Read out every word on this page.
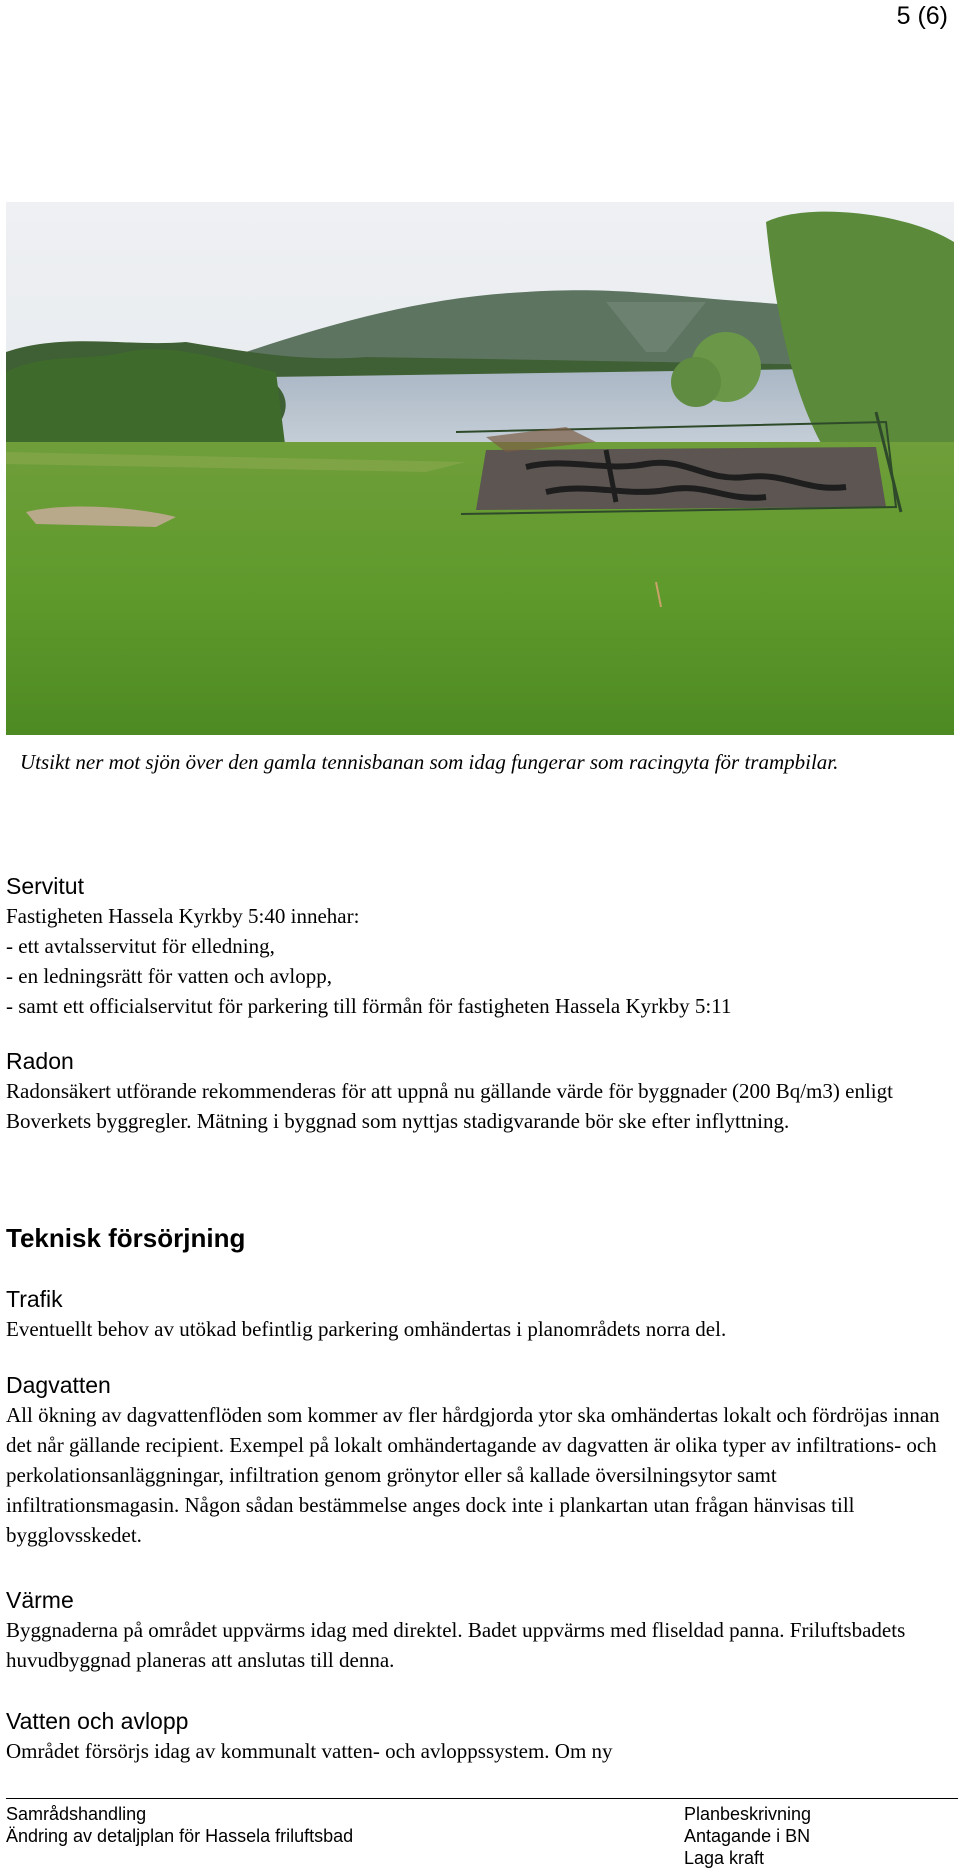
5 (6)
Utsikt ner mot sjön över den gamla tennisbanan som idag fungerar som racingyta för trampbilar.
Servitut
Fastigheten Hassela Kyrkby 5:40 innehar:
- ett avtalsservitut för elledning,
- en ledningsrätt för vatten och avlopp,
- samt ett officialservitut för parkering till förmån för fastigheten Hassela Kyrkby 5:11
Radon

Radonsäkert utförande rekommenderas för att uppnå nu gällande värde för byggnader (200 Bq/m3) enligt Boverkets byggregler. Mätning i byggnad som nyttjas stadigvarande bör ske efter inflyttning.

Teknisk försörjning
Trafik

Eventuellt behov av utökad befintlig parkering omhändertas i planområdets norra del.

Dagvatten

All ökning av dagvattenflöden som kommer av fler hårdgjorda ytor ska omhändertas lokalt och fördröjas innan det når gällande recipient. Exempel på lokalt omhändertagande av dagvatten är olika typer av infiltrations- och perkolationsanläggningar, infiltration genom grönytor eller så kallade översilningsytor samt infiltrationsmagasin. Någon sådan bestämmelse anges dock inte i plankartan utan frågan hänvisas till bygglovsskedet.

Värme

Byggnaderna på området uppvärms idag med direktel. Badet uppvärms med fliseldad panna. Friluftsbadets huvudbyggnad planeras att anslutas till denna.

Vatten och avlopp

Området försörjs idag av kommunalt vatten- och avloppssystem. Om ny

Samrådshandling
Ändring av detaljplan för Hassela friluftsbad
Planbeskrivning
Antagande i BN
Laga kraft
